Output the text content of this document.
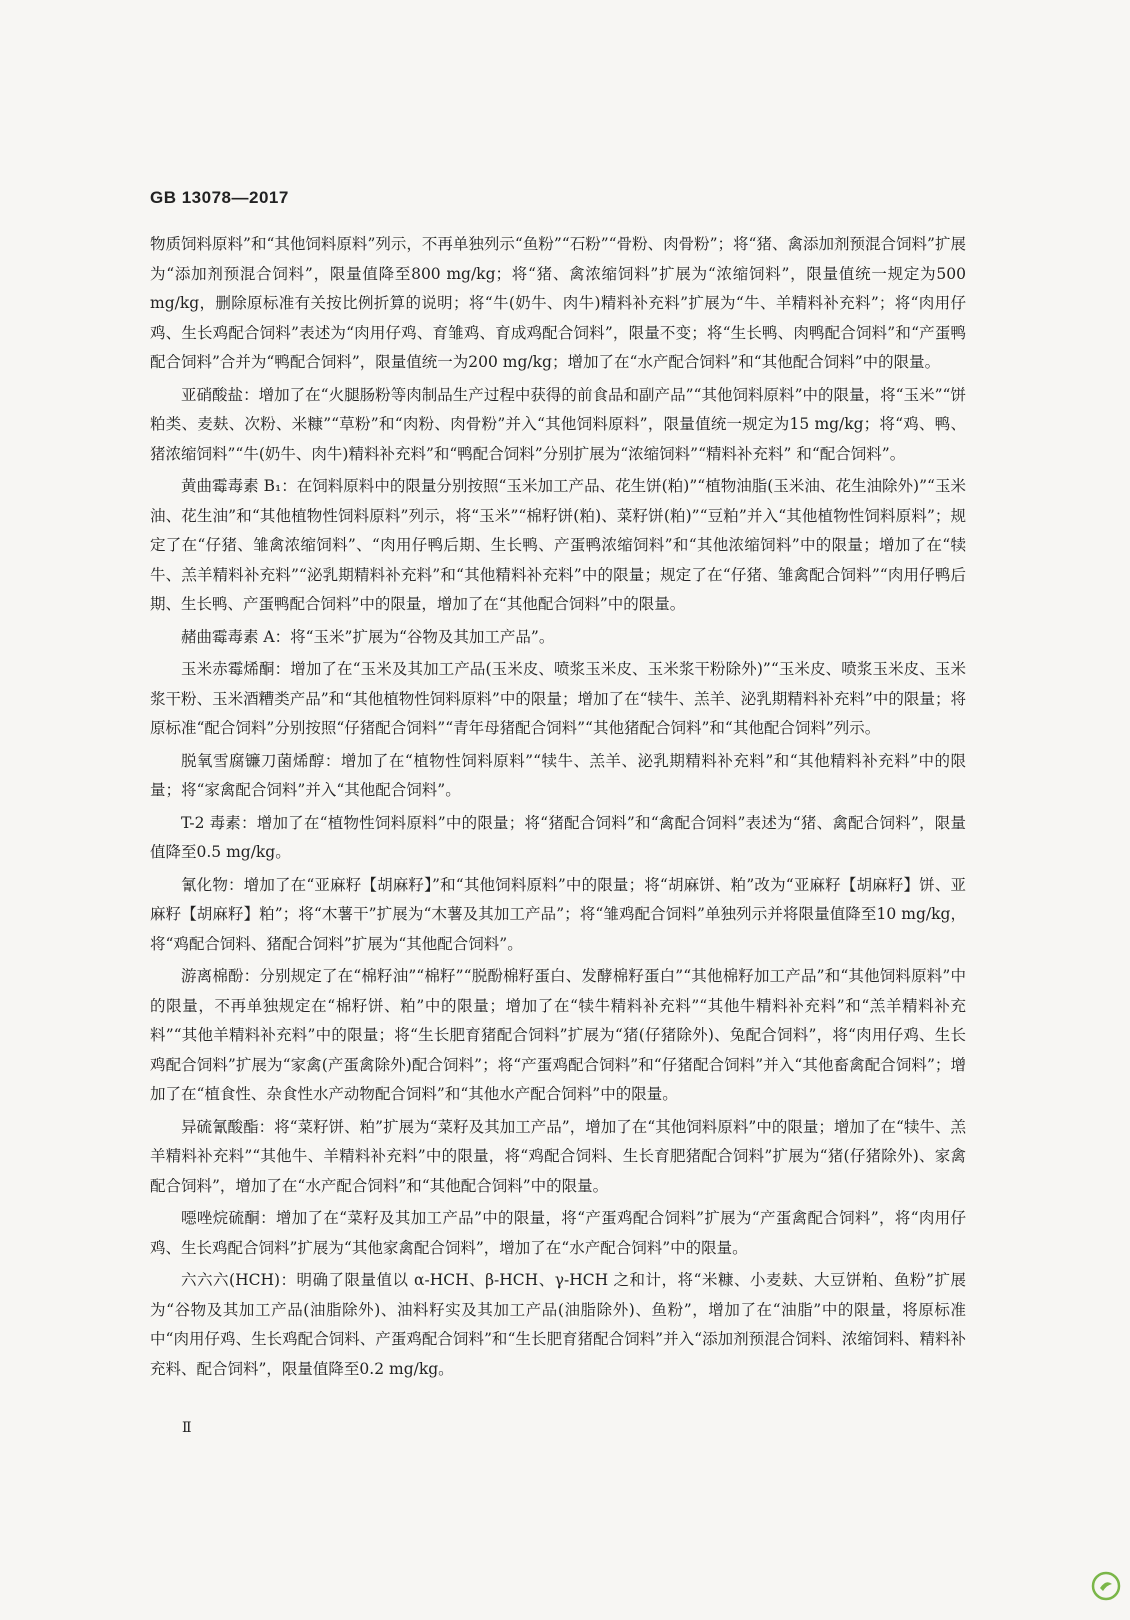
GB 13078—2017

物质饲料原料”和“其他饲料原料”列示，不再单独列示“鱼粉”“石粉”“骨粉、肉骨粉”；将“猪、禽添加剂预混合饲料”扩展为“添加剂预混合饲料”，限量值降至800 mg/kg；将“猪、禽浓缩饲料”扩展为“浓缩饲料”，限量值统一规定为500 mg/kg，删除原标准有关按比例折算的说明；将“牛(奶牛、肉牛)精料补充料”扩展为“牛、羊精料补充料”；将“肉用仔鸡、生长鸡配合饲料”表述为“肉用仔鸡、育雏鸡、育成鸡配合饲料”，限量不变；将“生长鸭、肉鸭配合饲料”和“产蛋鸭配合饲料”合并为“鸭配合饲料”，限量值统一为200 mg/kg；增加了在“水产配合饲料”和“其他配合饲料”中的限量。

亚硝酸盐：增加了在“火腿肠粉等肉制品生产过程中获得的前食品和副产品”“其他饲料原料”中的限量，将“玉米”“饼粕类、麦麸、次粉、米糠”“草粉”和“肉粉、肉骨粉”并入“其他饲料原料”，限量值统一规定为15 mg/kg；将“鸡、鸭、猪浓缩饲料”“牛(奶牛、肉牛)精料补充料”和“鸭配合饲料”分别扩展为“浓缩饲料”“精料补充料” 和“配合饲料”。

黄曲霉毒素 B₁：在饲料原料中的限量分别按照“玉米加工产品、花生饼(粕)”“植物油脂(玉米油、花生油除外)”“玉米油、花生油”和“其他植物性饲料原料”列示，将“玉米”“棉籽饼(粕)、菜籽饼(粕)”“豆粕”并入“其他植物性饲料原料”；规定了在“仔猪、雏禽浓缩饲料”、“肉用仔鸭后期、生长鸭、产蛋鸭浓缩饲料”和“其他浓缩饲料”中的限量；增加了在“犊牛、羔羊精料补充料”“泌乳期精料补充料”和“其他精料补充料”中的限量；规定了在“仔猪、雏禽配合饲料”“肉用仔鸭后期、生长鸭、产蛋鸭配合饲料”中的限量，增加了在“其他配合饲料”中的限量。

赭曲霉毒素 A：将“玉米”扩展为“谷物及其加工产品”。

玉米赤霉烯酮：增加了在“玉米及其加工产品(玉米皮、喷浆玉米皮、玉米浆干粉除外)”“玉米皮、喷浆玉米皮、玉米浆干粉、玉米酒糟类产品”和“其他植物性饲料原料”中的限量；增加了在“犊牛、羔羊、泌乳期精料补充料”中的限量；将原标准“配合饲料”分别按照“仔猪配合饲料”“青年母猪配合饲料”“其他猪配合饲料”和“其他配合饲料”列示。

脱氧雪腐镰刀菌烯醇：增加了在“植物性饲料原料”“犊牛、羔羊、泌乳期精料补充料”和“其他精料补充料”中的限量；将“家禽配合饲料”并入“其他配合饲料”。

T-2 毒素：增加了在“植物性饲料原料”中的限量；将“猪配合饲料”和“禽配合饲料”表述为“猪、禽配合饲料”，限量值降至0.5 mg/kg。

氰化物：增加了在“亚麻籽【胡麻籽】”和“其他饲料原料”中的限量；将“胡麻饼、粕”改为“亚麻籽【胡麻籽】饼、亚麻籽【胡麻籽】粕”；将“木薯干”扩展为“木薯及其加工产品”；将“雏鸡配合饲料”单独列示并将限量值降至10 mg/kg，将“鸡配合饲料、猪配合饲料”扩展为“其他配合饲料”。

游离棉酚：分别规定了在“棉籽油”“棉籽”“脱酚棉籽蛋白、发酵棉籽蛋白”“其他棉籽加工产品”和“其他饲料原料”中的限量，不再单独规定在“棉籽饼、粕”中的限量；增加了在“犊牛精料补充料”“其他牛精料补充料”和“羔羊精料补充料”“其他羊精料补充料”中的限量；将“生长肥育猪配合饲料”扩展为“猪(仔猪除外)、兔配合饲料”，将“肉用仔鸡、生长鸡配合饲料”扩展为“家禽(产蛋禽除外)配合饲料”；将“产蛋鸡配合饲料”和“仔猪配合饲料”并入“其他畜禽配合饲料”；增加了在“植食性、杂食性水产动物配合饲料”和“其他水产配合饲料”中的限量。

异硫氰酸酯：将“菜籽饼、粕”扩展为“菜籽及其加工产品”，增加了在“其他饲料原料”中的限量；增加了在“犊牛、羔羊精料补充料”“其他牛、羊精料补充料”中的限量，将“鸡配合饲料、生长育肥猪配合饲料”扩展为“猪(仔猪除外)、家禽配合饲料”，增加了在“水产配合饲料”和“其他配合饲料”中的限量。

噁唑烷硫酮：增加了在“菜籽及其加工产品”中的限量，将“产蛋鸡配合饲料”扩展为“产蛋禽配合饲料”，将“肉用仔鸡、生长鸡配合饲料”扩展为“其他家禽配合饲料”，增加了在“水产配合饲料”中的限量。

六六六(HCH)：明确了限量值以 α-HCH、β-HCH、γ-HCH 之和计，将“米糠、小麦麸、大豆饼粕、鱼粉”扩展为“谷物及其加工产品(油脂除外)、油料籽实及其加工产品(油脂除外)、鱼粉”，增加了在“油脂”中的限量，将原标准中“肉用仔鸡、生长鸡配合饲料、产蛋鸡配合饲料”和“生长肥育猪配合饲料”并入“添加剂预混合饲料、浓缩饲料、精料补充料、配合饲料”，限量值降至0.2 mg/kg。

Ⅱ
